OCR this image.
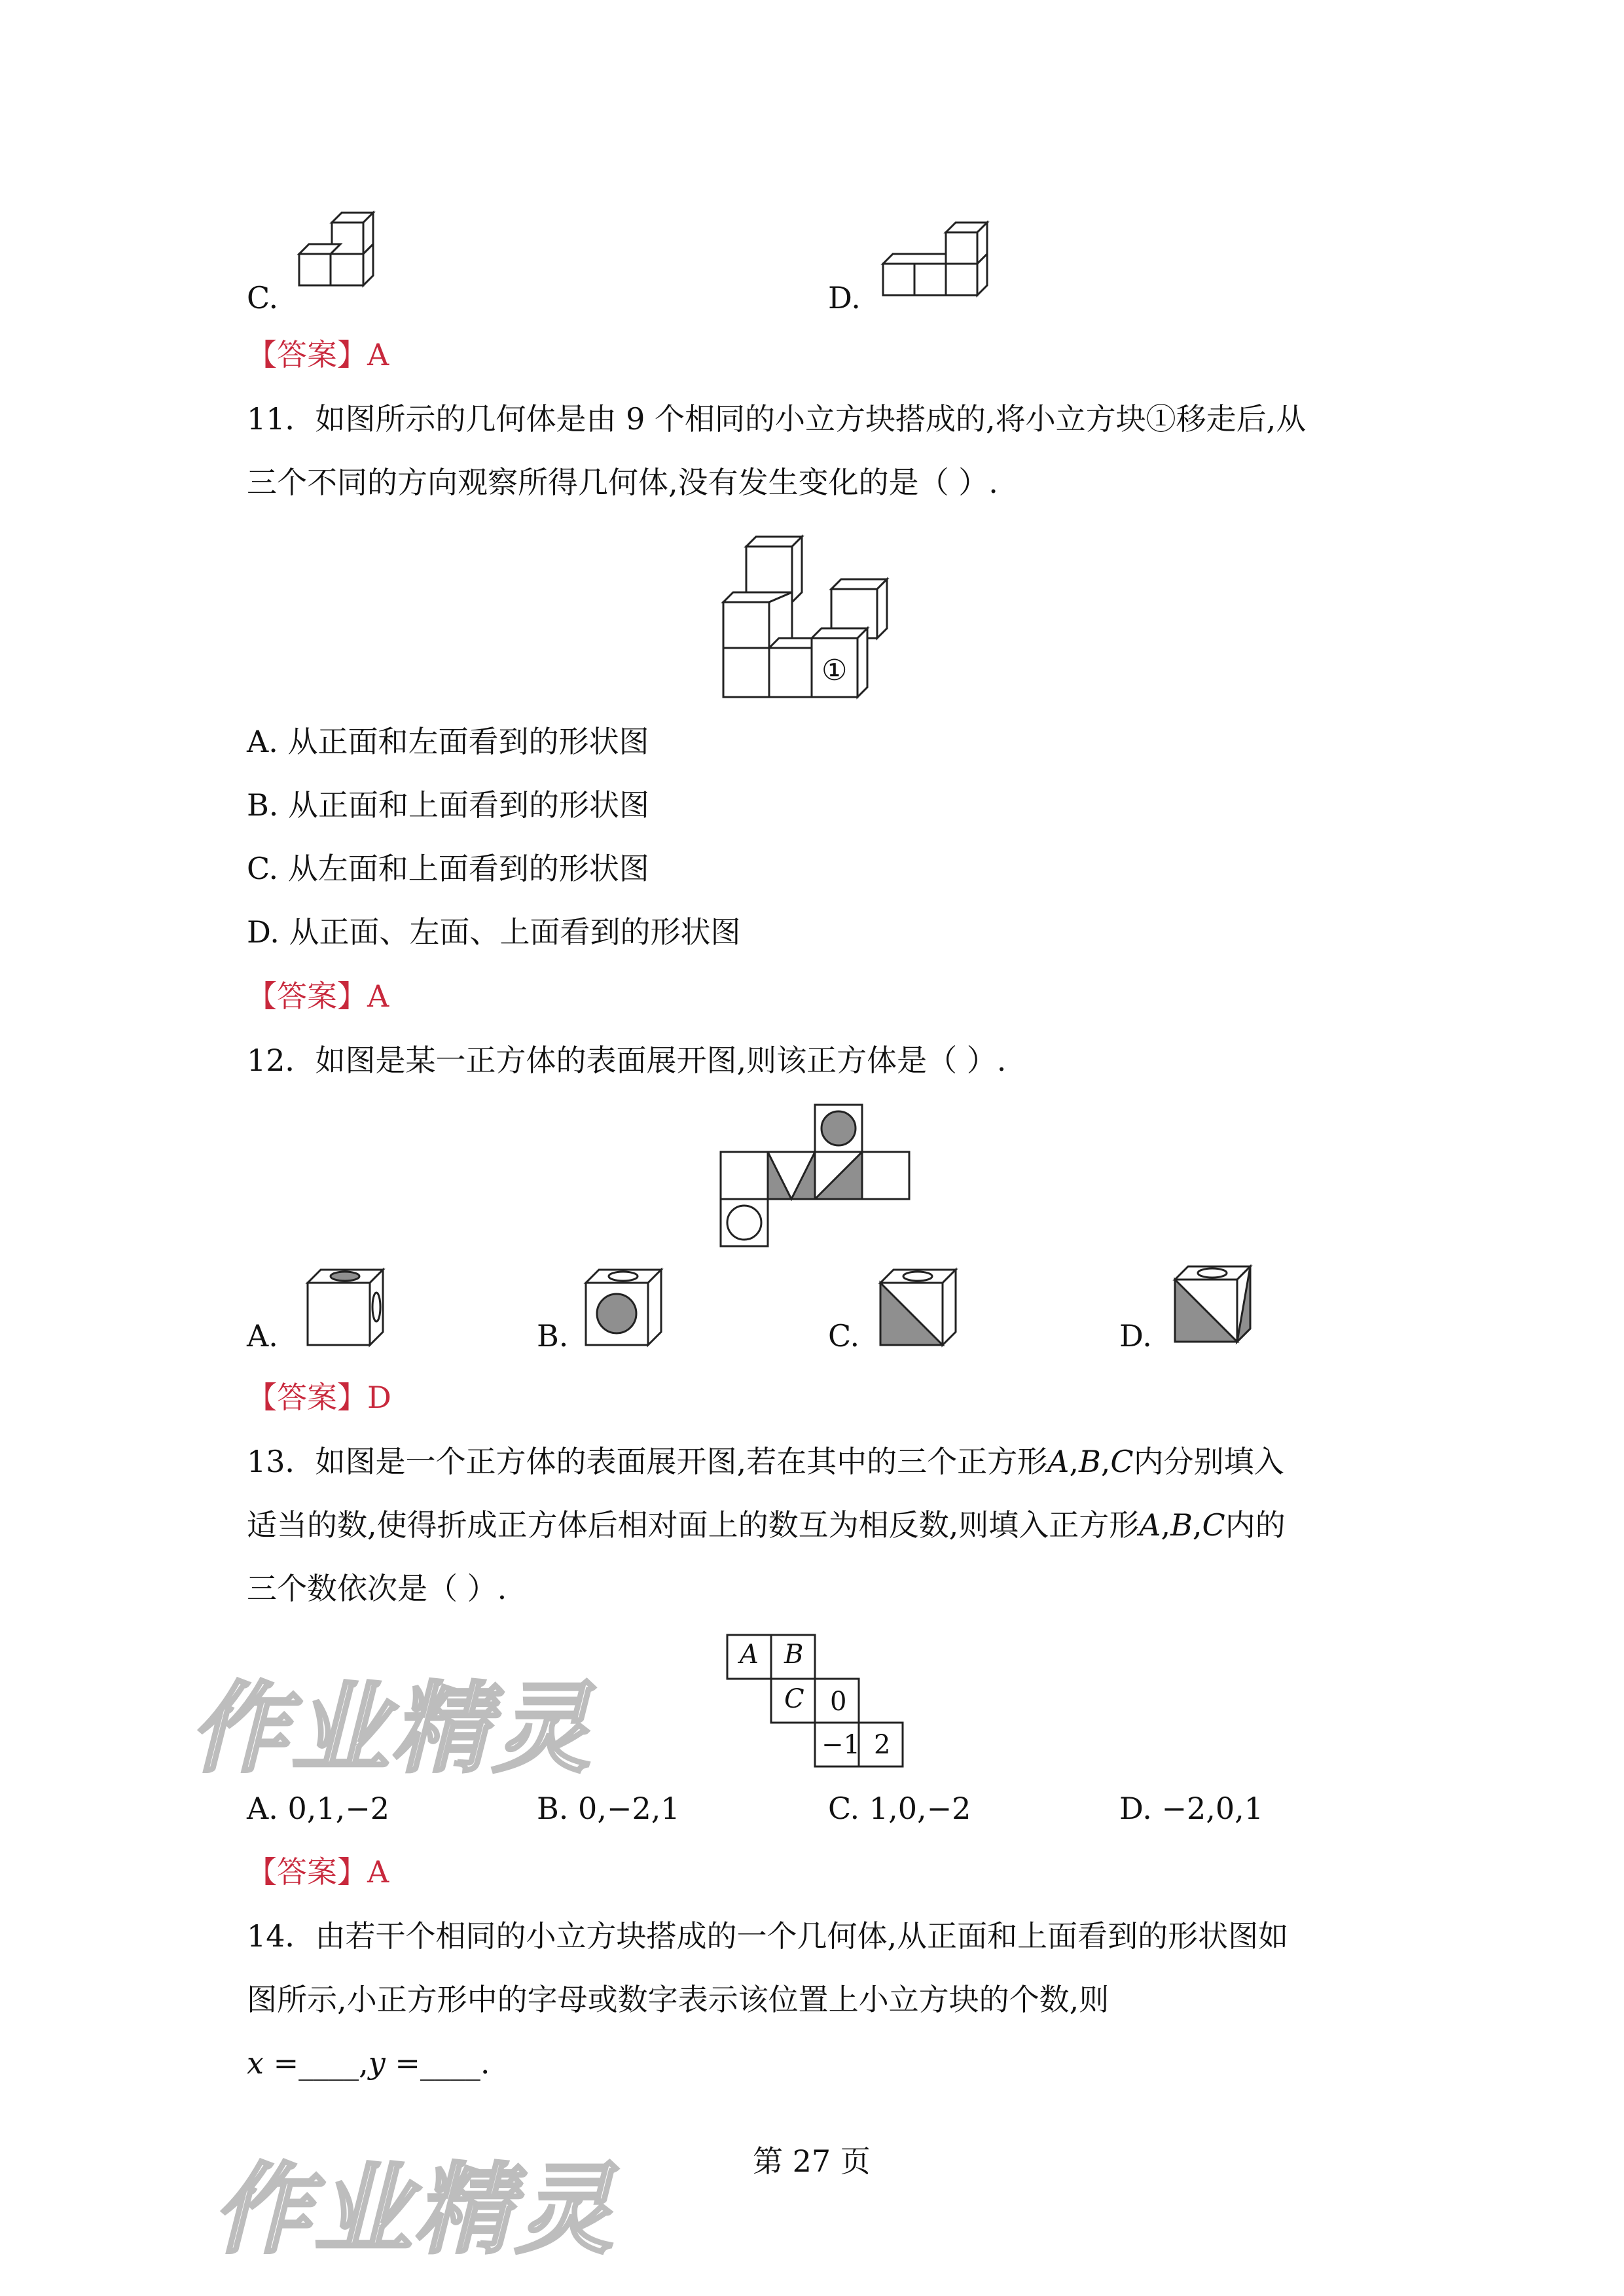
作业精灵
作业精灵
C.	D.
【答案】A
11．如图所示的几何体是由 9 个相同的小立方块搭成的,将小立方块①移走后,从
三个不同的方向观察所得几何体,没有发生变化的是（ ）.
①
A. 从正面和左面看到的形状图
B. 从正面和上面看到的形状图
C. 从左面和上面看到的形状图
D. 从正面、左面、上面看到的形状图
【答案】A
12．如图是某一正方体的表面展开图,则该正方体是（ ）.
A.	B.	C.	D.
【答案】D
13．如图是一个正方体的表面展开图,若在其中的三个正方形𝐴,𝐵,𝐶内分别填入
适当的数,使得折成正方体后相对面上的数互为相反数,则填入正方形𝐴,𝐵,𝐶内的
三个数依次是（ ）.
A B
C 0
−1 2
A. 0,1,−2	B. 0,−2,1	C. 1,0,−2	D. −2,0,1
【答案】A
14．由若干个相同的小立方块搭成的一个几何体,从正面和上面看到的形状图如
图所示,小正方形中的字母或数字表示该位置上小立方块的个数,则
𝑥 =____,𝑦 =____.
第 27 页
